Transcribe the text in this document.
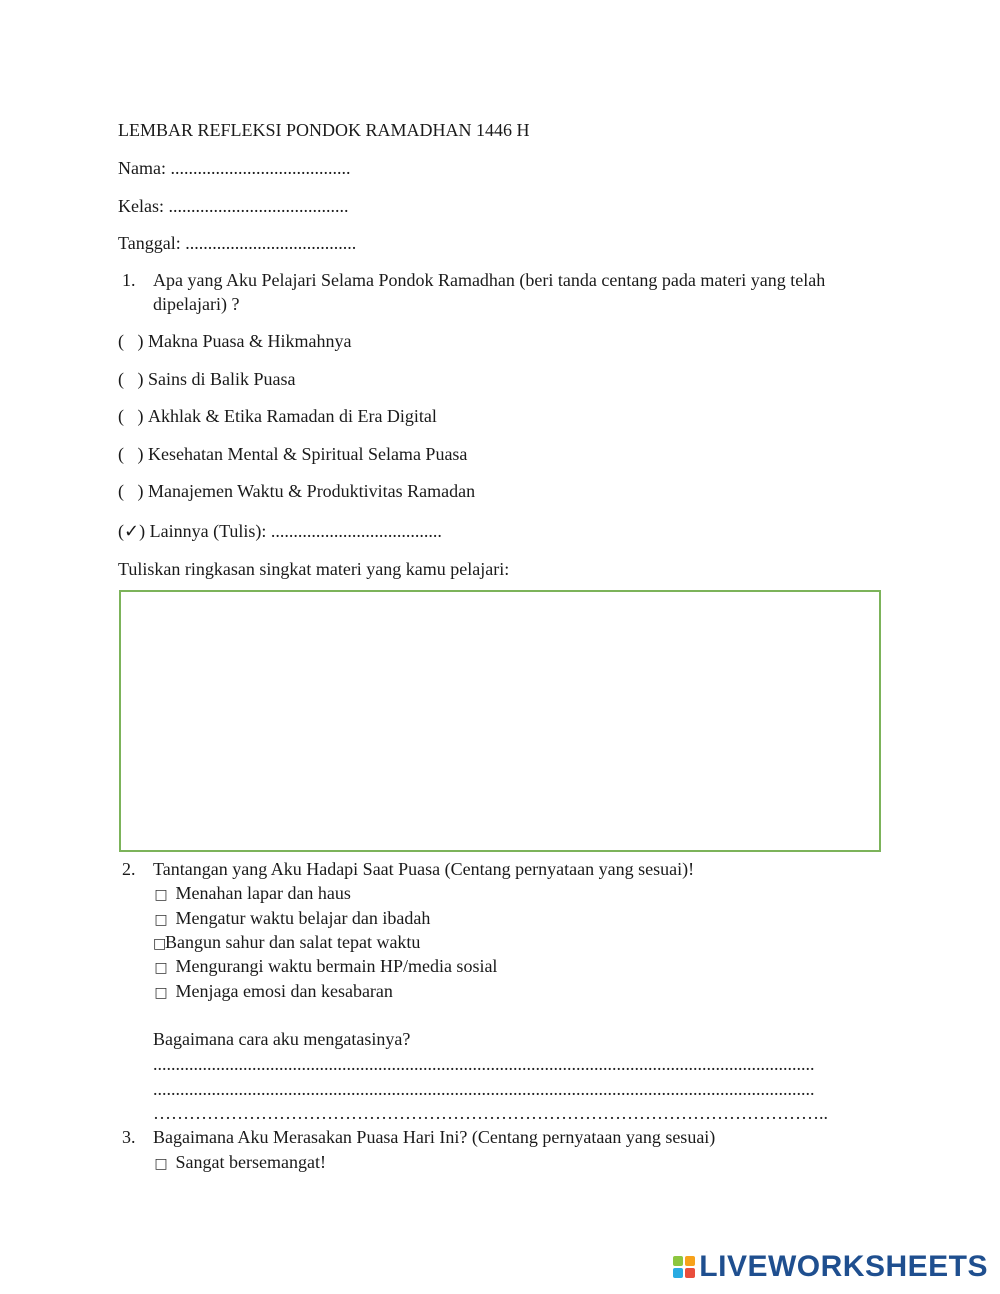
LEMBAR REFLEKSI PONDOK RAMADHAN 1446 H
Nama: ........................................
Kelas: ........................................
Tanggal: ......................................
1. Apa yang Aku Pelajari Selama Pondok Ramadhan (beri tanda centang pada materi yang telah
dipelajari) ?
(   ) Makna Puasa & Hikmahnya
(   ) Sains di Balik Puasa
(   ) Akhlak & Etika Ramadan di Era Digital
(   ) Kesehatan Mental & Spiritual Selama Puasa
(   ) Manajemen Waktu & Produktivitas Ramadan
(✓) Lainnya (Tulis): ......................................
Tuliskan ringkasan singkat materi yang kamu pelajari:
2. Tantangan yang Aku Hadapi Saat Puasa (Centang pernyataan yang sesuai)!
□ Menahan lapar dan haus
□ Mengatur waktu belajar dan ibadah
□Bangun sahur dan salat tepat waktu
□ Mengurangi waktu bermain HP/media sosial
□ Menjaga emosi dan kesabaran
Bagaimana cara aku mengatasinya?
...................................................................................................................................................
...................................................................................................................................................
…………………………………………………………………………………………………..
3. Bagaimana Aku Merasakan Puasa Hari Ini? (Centang pernyataan yang sesuai)
□ Sangat bersemangat!
LIVEWORKSHEETS
